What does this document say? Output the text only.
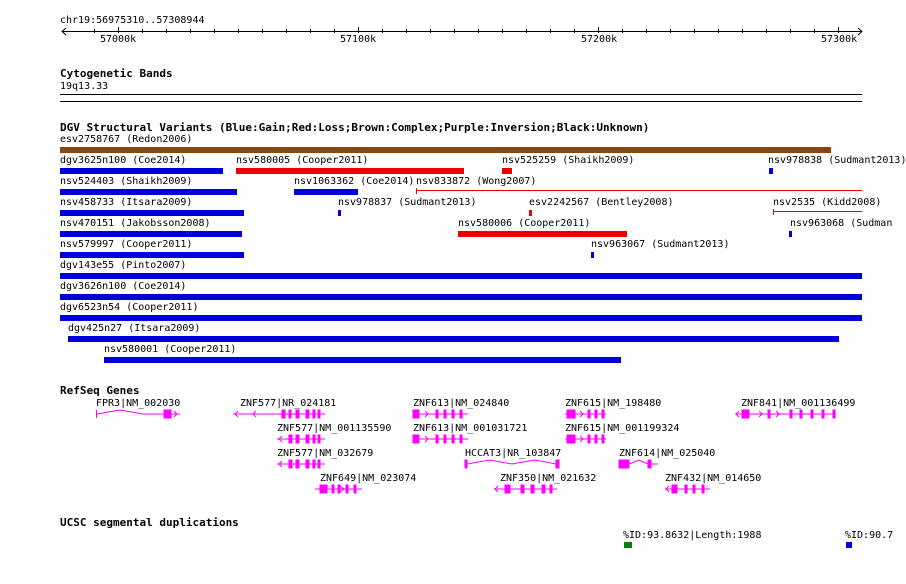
chr19:56975310..57308944
57000k	57100k	57200k	57300k
Cytogenetic Bands
19q13.33
DGV Structural Variants (Blue:Gain;Red:Loss;Brown:Complex;Purple:Inversion;Black:Unknown)
esv2758767 (Redon2006)
dgv3625n100 (Coe2014)	nsv580005 (Cooper2011)	nsv525259 (Shaikh2009)	nsv978838 (Sudmant2013)
nsv524403 (Shaikh2009)	nsv1063362 (Coe2014) nsv833872 (Wong2007)
nsv458733 (Itsara2009)	nsv978837 (Sudmant2013)	esv2242567 (Bentley2008)	nsv2535 (Kidd2008)
nsv470151 (Jakobsson2008)	nsv580006 (Cooper2011)	nsv963068 (Sudman
nsv579997 (Cooper2011)	nsv963067 (Sudmant2013)
dgv143e55 (Pinto2007)
dgv3626n100 (Coe2014)
dgv6523n54 (Cooper2011)
dgv425n27 (Itsara2009)
nsv580001 (Cooper2011)
RefSeq Genes
FPR3|NM_002030	ZNF577|NR_024181	ZNF613|NM_024840	ZNF615|NM_198480	ZNF841|NM_001136499
ZNF577|NM_001135590 ZNF613|NM_001031721	ZNF615|NM_001199324
ZNF577|NM_032679	HCCAT3|NR_103847	ZNF614|NM_025040
ZNF649|NM_023074	ZNF350|NM_021632	ZNF432|NM_014650
UCSC segmental duplications
%ID:93.8632|Length:1988	%ID:90.7
